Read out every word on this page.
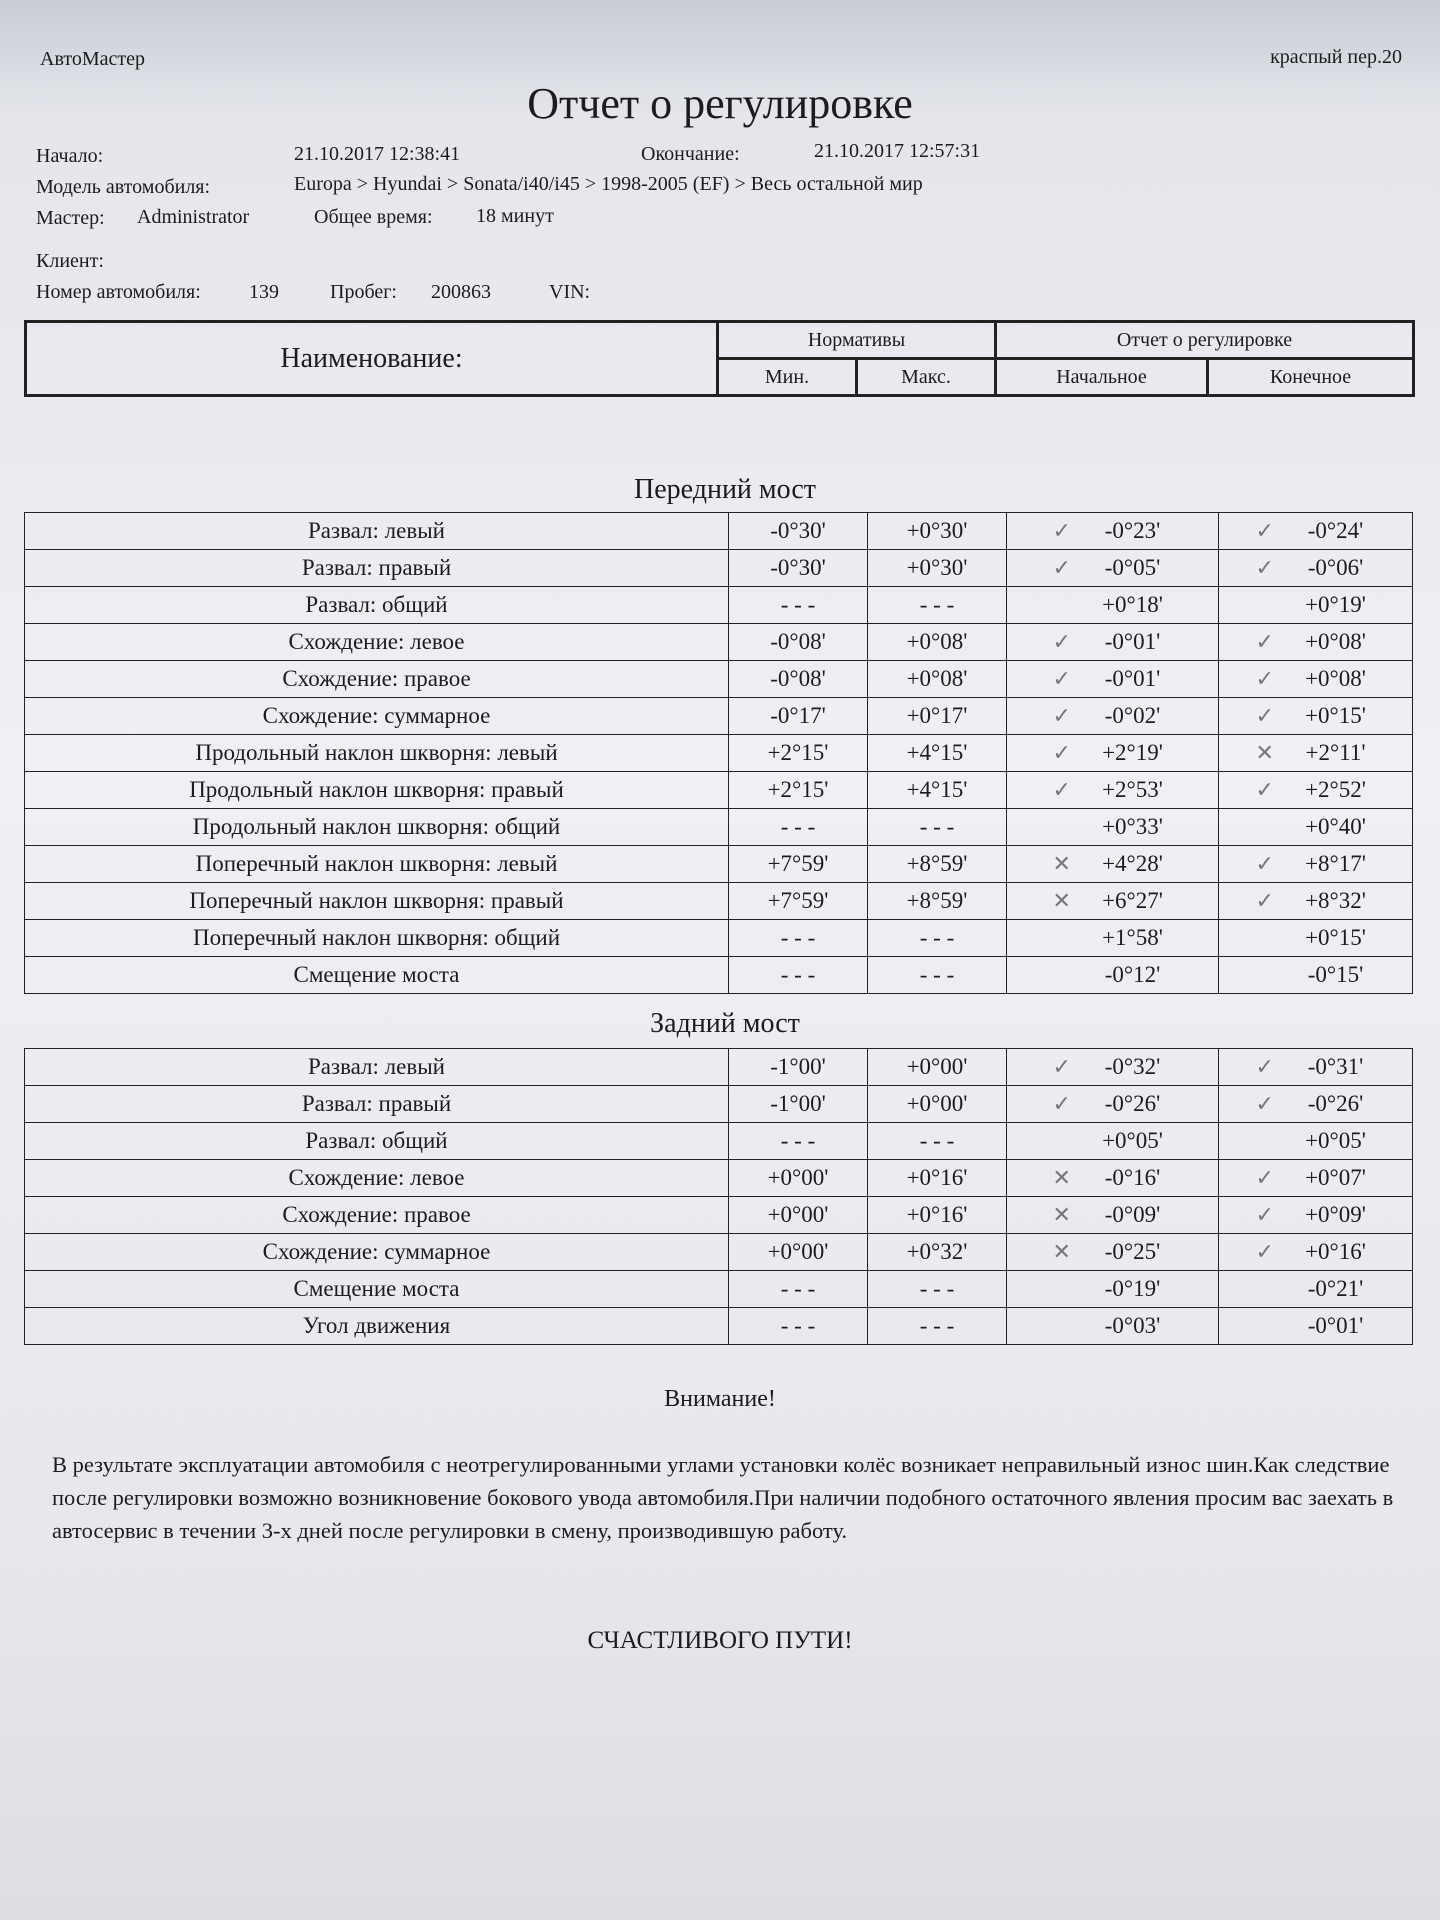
АвтоМастер	краспый пер.20
Отчет о регулировке
Начало:	21.10.2017 12:38:41	Окончание:	21.10.2017 12:57:31
Модель автомобиля:	Europa > Hyundai > Sonata/i40/i45 > 1998-2005 (EF) > Весь остальной мир
Мастер: Administrator	Общее время: 18 минут
Клиент:
Номер автомобиля: 139	Пробег: 200863	VIN:
Наименование:	Нормативы		Отчет о регулировке	
	Мин.	Макс.	Начальное	Конечное
Передний мост
Развал: левый	-0°30'	+0°30'	✓ -0°23'	✓ -0°24'
Развал: правый	-0°30'	+0°30'	✓ -0°05'	✓ -0°06'
Развал: общий	- - -	- - -	+0°18'	+0°19'
Схождение: левое	-0°08'	+0°08'	✓ -0°01'	✓ +0°08'
Схождение: правое	-0°08'	+0°08'	✓ -0°01'	✓ +0°08'
Схождение: суммарное	-0°17'	+0°17'	✓ -0°02'	✓ +0°15'
Продольный наклон шкворня: левый	+2°15'	+4°15'	✓ +2°19'	✕ +2°11'
Продольный наклон шкворня: правый	+2°15'	+4°15'	✓ +2°53'	✓ +2°52'
Продольный наклон шкворня: общий	- - -	- - -	+0°33'	+0°40'
Поперечный наклон шкворня: левый	+7°59'	+8°59'	✕ +4°28'	✓ +8°17'
Поперечный наклон шкворня: правый	+7°59'	+8°59'	✕ +6°27'	✓ +8°32'
Поперечный наклон шкворня: общий	- - -	- - -	+1°58'	+0°15'
Смещение моста	- - -	- - -	-0°12'	-0°15'
Задний мост
Развал: левый	-1°00'	+0°00'	✓ -0°32'	✓ -0°31'
Развал: правый	-1°00'	+0°00'	✓ -0°26'	✓ -0°26'
Развал: общий	- - -	- - -	+0°05'	+0°05'
Схождение: левое	+0°00'	+0°16'	✕ -0°16'	✓ +0°07'
Схождение: правое	+0°00'	+0°16'	✕ -0°09'	✓ +0°09'
Схождение: суммарное	+0°00'	+0°32'	✕ -0°25'	✓ +0°16'
Смещение моста	- - -	- - -	-0°19'	-0°21'
Угол движения	- - -	- - -	-0°03'	-0°01'
Внимание!
В результате эксплуатации автомобиля с неотрегулированными углами установки колёс возникает неправильный износ шин.Как следствие после регулировки возможно возникновение бокового увода автомобиля.При наличии подобного остаточного явления просим вас заехать в автосервис в течении 3-х дней после регулировки в смену, производившую работу.
СЧАСТЛИВОГО ПУТИ!
